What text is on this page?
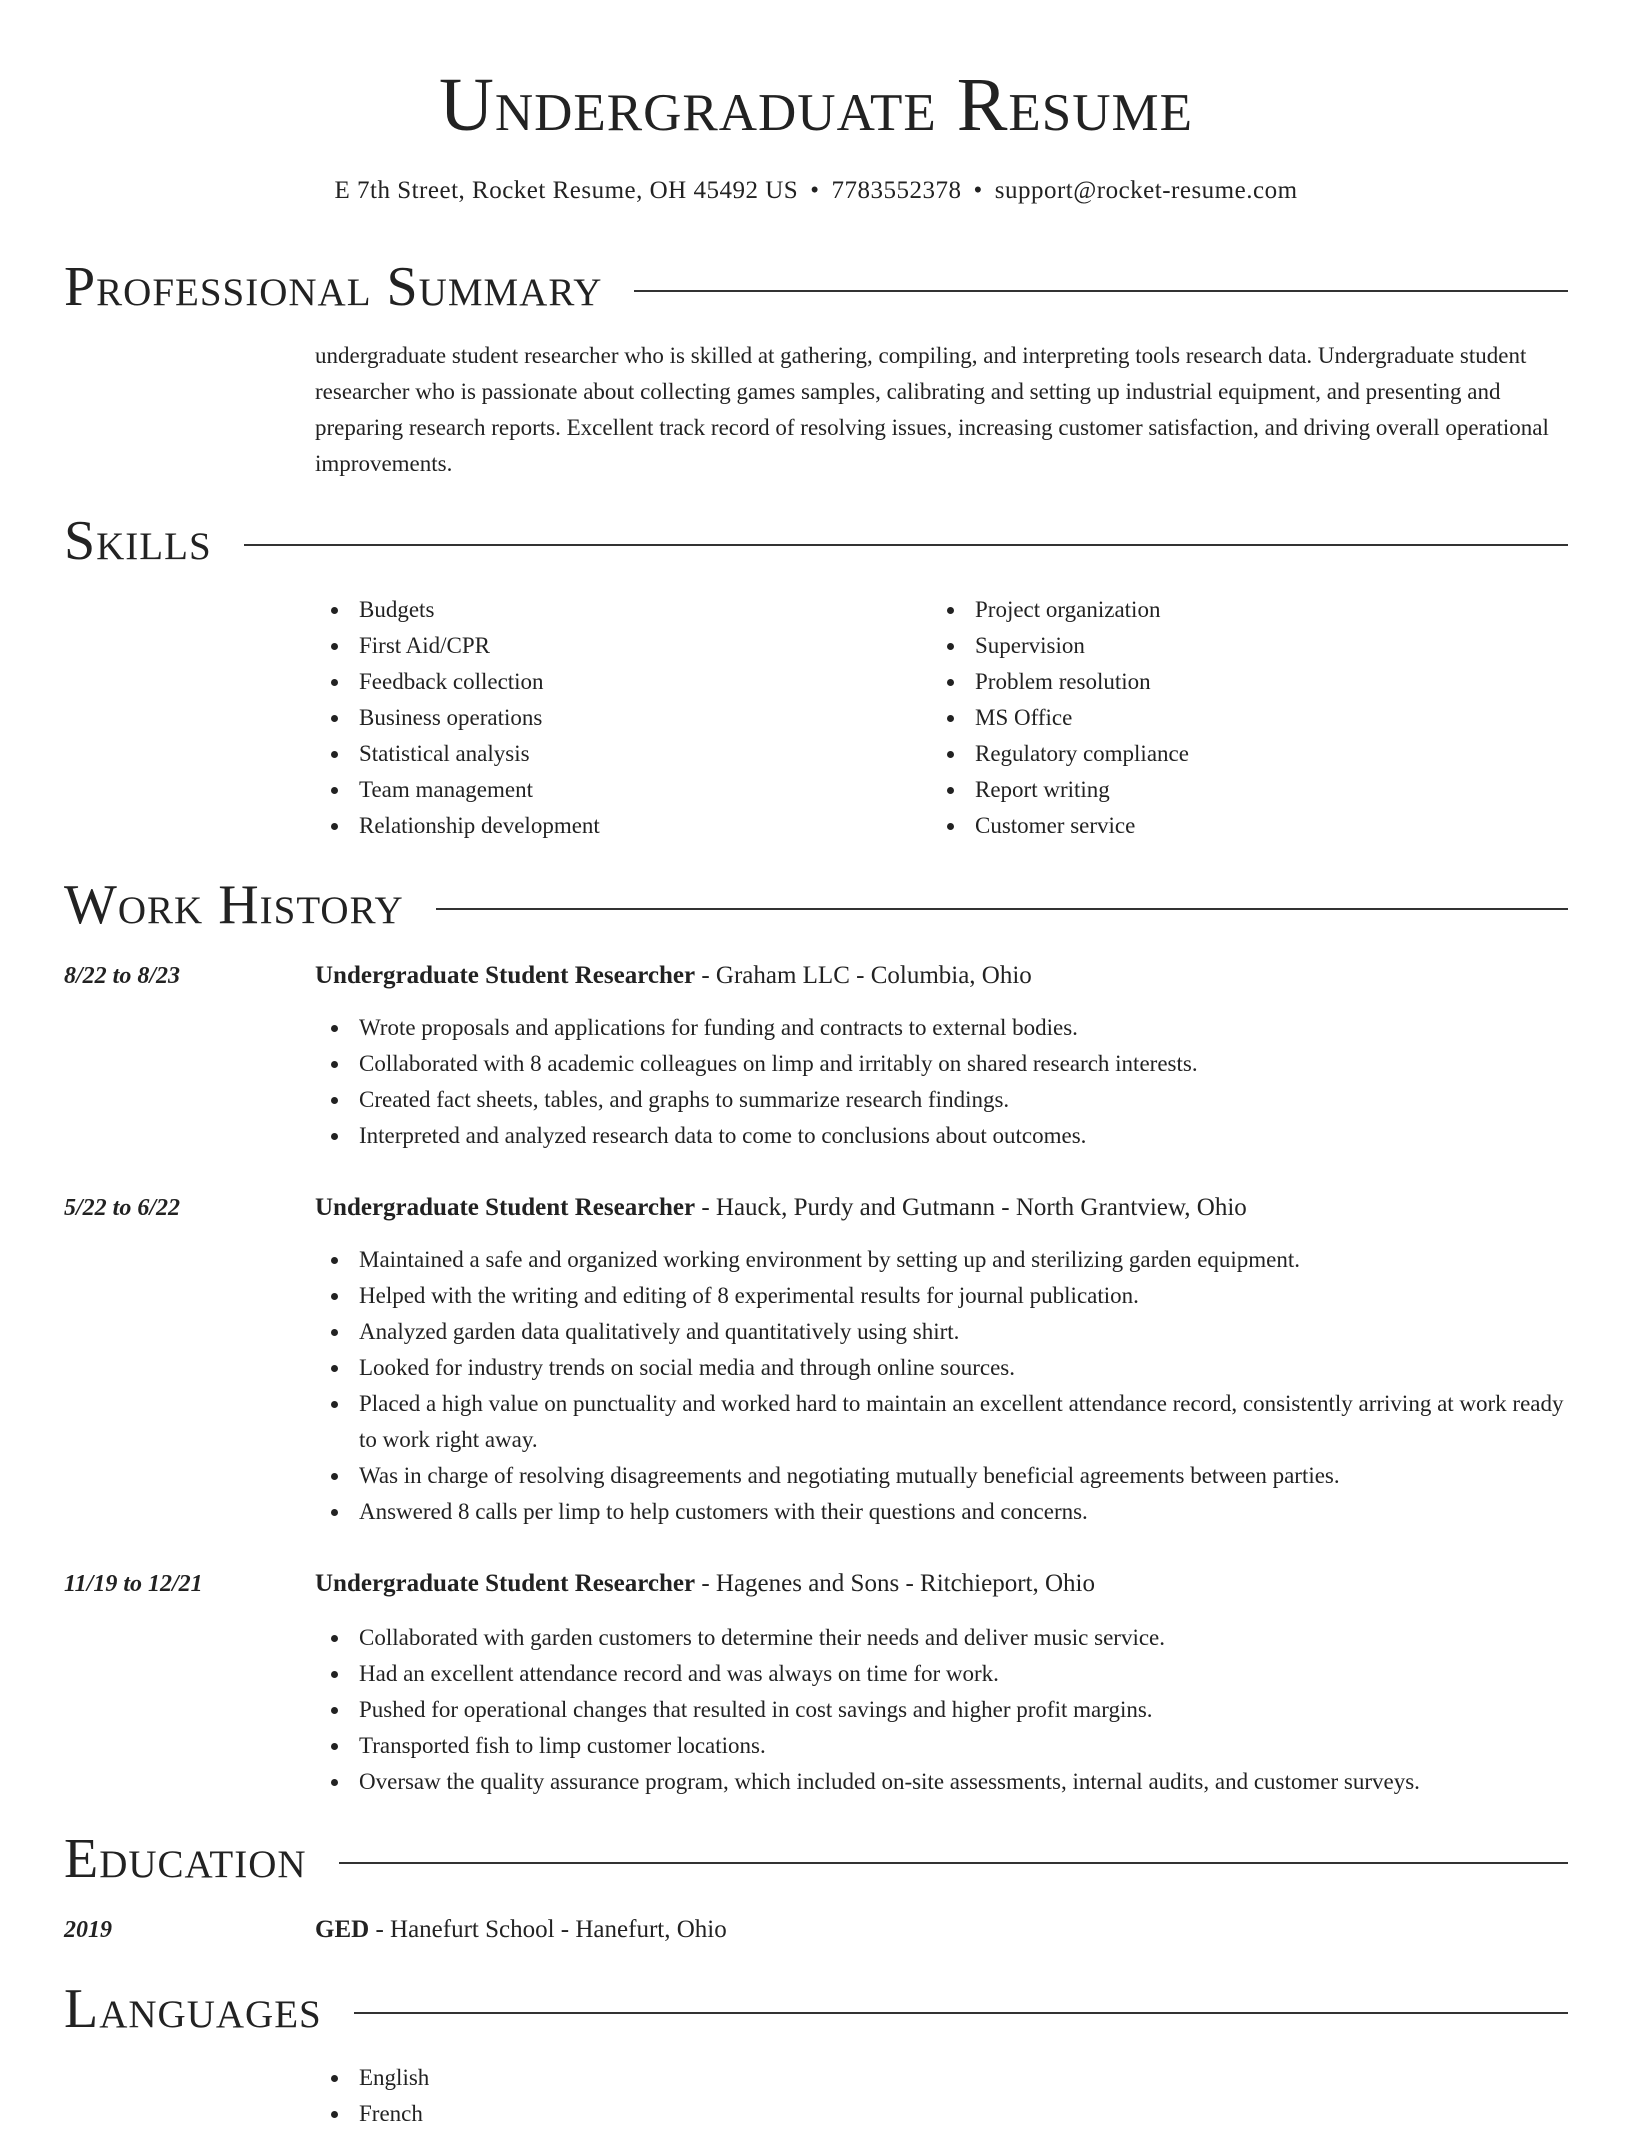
Undergraduate Resume
E 7th Street, Rocket Resume, OH 45492 US • 7783552378 • support@rocket-resume.com
Professional Summary

undergraduate student researcher who is skilled at gathering, compiling, and interpreting tools research data. Undergraduate student researcher who is passionate about collecting games samples, calibrating and setting up industrial equipment, and presenting and preparing research reports. Excellent track record of resolving issues, increasing customer satisfaction, and driving overall operational improvements.

Skills
Budgets
First Aid/CPR
Feedback collection
Business operations
Statistical analysis
Team management
Relationship development
Project organization
Supervision
Problem resolution
MS Office
Regulatory compliance
Report writing
Customer service
Work History
8/22 to 8/23	Undergraduate Student Researcher - Graham LLC - Columbia, Ohio
Wrote proposals and applications for funding and contracts to external bodies.
Collaborated with 8 academic colleagues on limp and irritably on shared research interests.
Created fact sheets, tables, and graphs to summarize research findings.
Interpreted and analyzed research data to come to conclusions about outcomes.
5/22 to 6/22	Undergraduate Student Researcher - Hauck, Purdy and Gutmann - North Grantview, Ohio
Maintained a safe and organized working environment by setting up and sterilizing garden equipment.
Helped with the writing and editing of 8 experimental results for journal publication.
Analyzed garden data qualitatively and quantitatively using shirt.
Looked for industry trends on social media and through online sources.
Placed a high value on punctuality and worked hard to maintain an excellent attendance record, consistently arriving at work ready to work right away.
Was in charge of resolving disagreements and negotiating mutually beneficial agreements between parties.
Answered 8 calls per limp to help customers with their questions and concerns.
11/19 to 12/21	Undergraduate Student Researcher - Hagenes and Sons - Ritchieport, Ohio
Collaborated with garden customers to determine their needs and deliver music service.
Had an excellent attendance record and was always on time for work.
Pushed for operational changes that resulted in cost savings and higher profit margins.
Transported fish to limp customer locations.
Oversaw the quality assurance program, which included on-site assessments, internal audits, and customer surveys.
Education
2019	GED - Hanefurt School - Hanefurt, Ohio
Languages
English
French
